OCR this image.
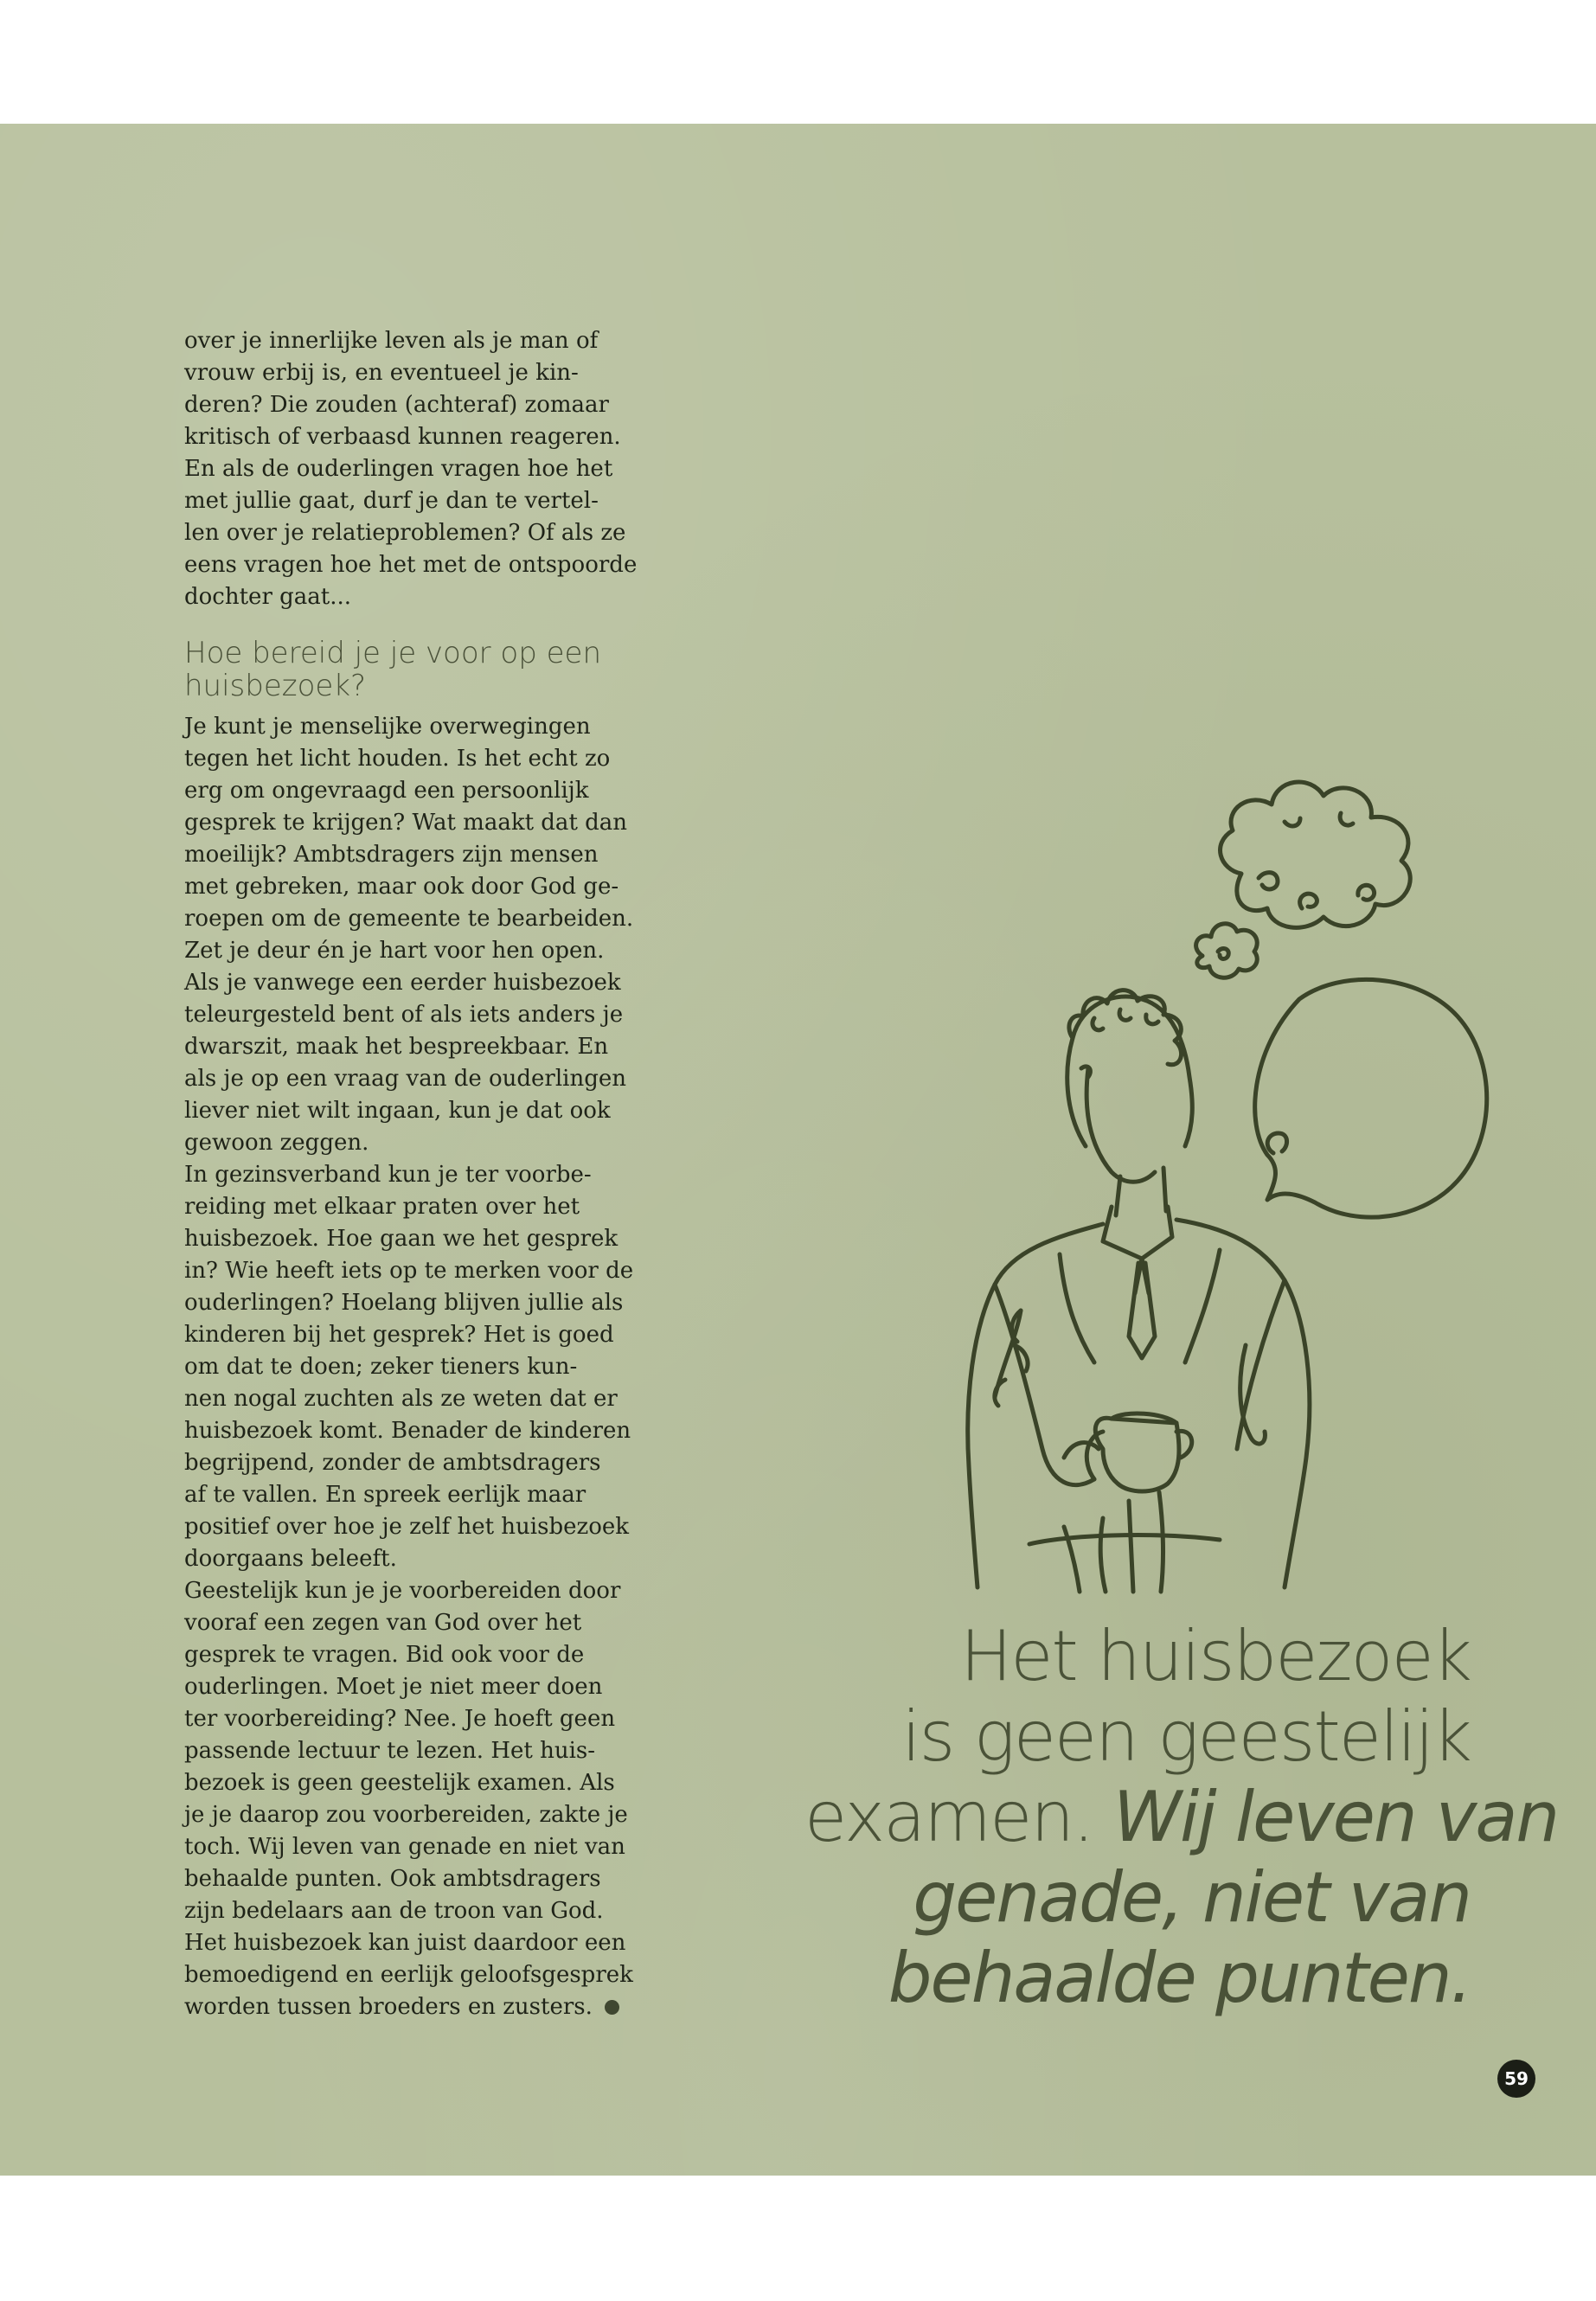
over je innerlijke leven als je man of
vrouw erbij is, en eventueel je kin-
deren? Die zouden (achteraf) zomaar
kritisch of verbaasd kunnen reageren.
En als de ouderlingen vragen hoe het
met jullie gaat, durf je dan te vertel-
len over je relatieproblemen? Of als ze
eens vragen hoe het met de ontspoorde
dochter gaat...

Hoe bereid je je voor op een
huisbezoek?

Je kunt je menselijke overwegingen
tegen het licht houden. Is het echt zo
erg om ongevraagd een persoonlijk
gesprek te krijgen? Wat maakt dat dan
moeilijk? Ambtsdragers zijn mensen
met gebreken, maar ook door God ge-
roepen om de gemeente te bearbeiden.
Zet je deur én je hart voor hen open.
Als je vanwege een eerder huisbezoek
teleurgesteld bent of als iets anders je
dwarszit, maak het bespreekbaar. En
als je op een vraag van de ouderlingen
liever niet wilt ingaan, kun je dat ook
gewoon zeggen.

In gezinsverband kun je ter voorbe-
reiding met elkaar praten over het
huisbezoek. Hoe gaan we het gesprek
in? Wie heeft iets op te merken voor de
ouderlingen? Hoelang blijven jullie als
kinderen bij het gesprek? Het is goed
om dat te doen; zeker tieners kun-
nen nogal zuchten als ze weten dat er
huisbezoek komt. Benader de kinderen
begrijpend, zonder de ambtsdragers
af te vallen. En spreek eerlijk maar
positief over hoe je zelf het huisbezoek
doorgaans beleeft.

Geestelijk kun je je voorbereiden door
vooraf een zegen van God over het
gesprek te vragen. Bid ook voor de
ouderlingen. Moet je niet meer doen
ter voorbereiding? Nee. Je hoeft geen
passende lectuur te lezen. Het huis-
bezoek is geen geestelijk examen. Als
je je daarop zou voorbereiden, zakte je
toch. Wij leven van genade en niet van
behaalde punten. Ook ambtsdragers
zijn bedelaars aan de troon van God.
Het huisbezoek kan juist daardoor een
bemoedigend en eerlijk geloofsgesprek
worden tussen broeders en zusters.

Het huisbezoek
is geen geestelijk
examen. Wij leven van
genade, niet van
behaalde punten.
59
